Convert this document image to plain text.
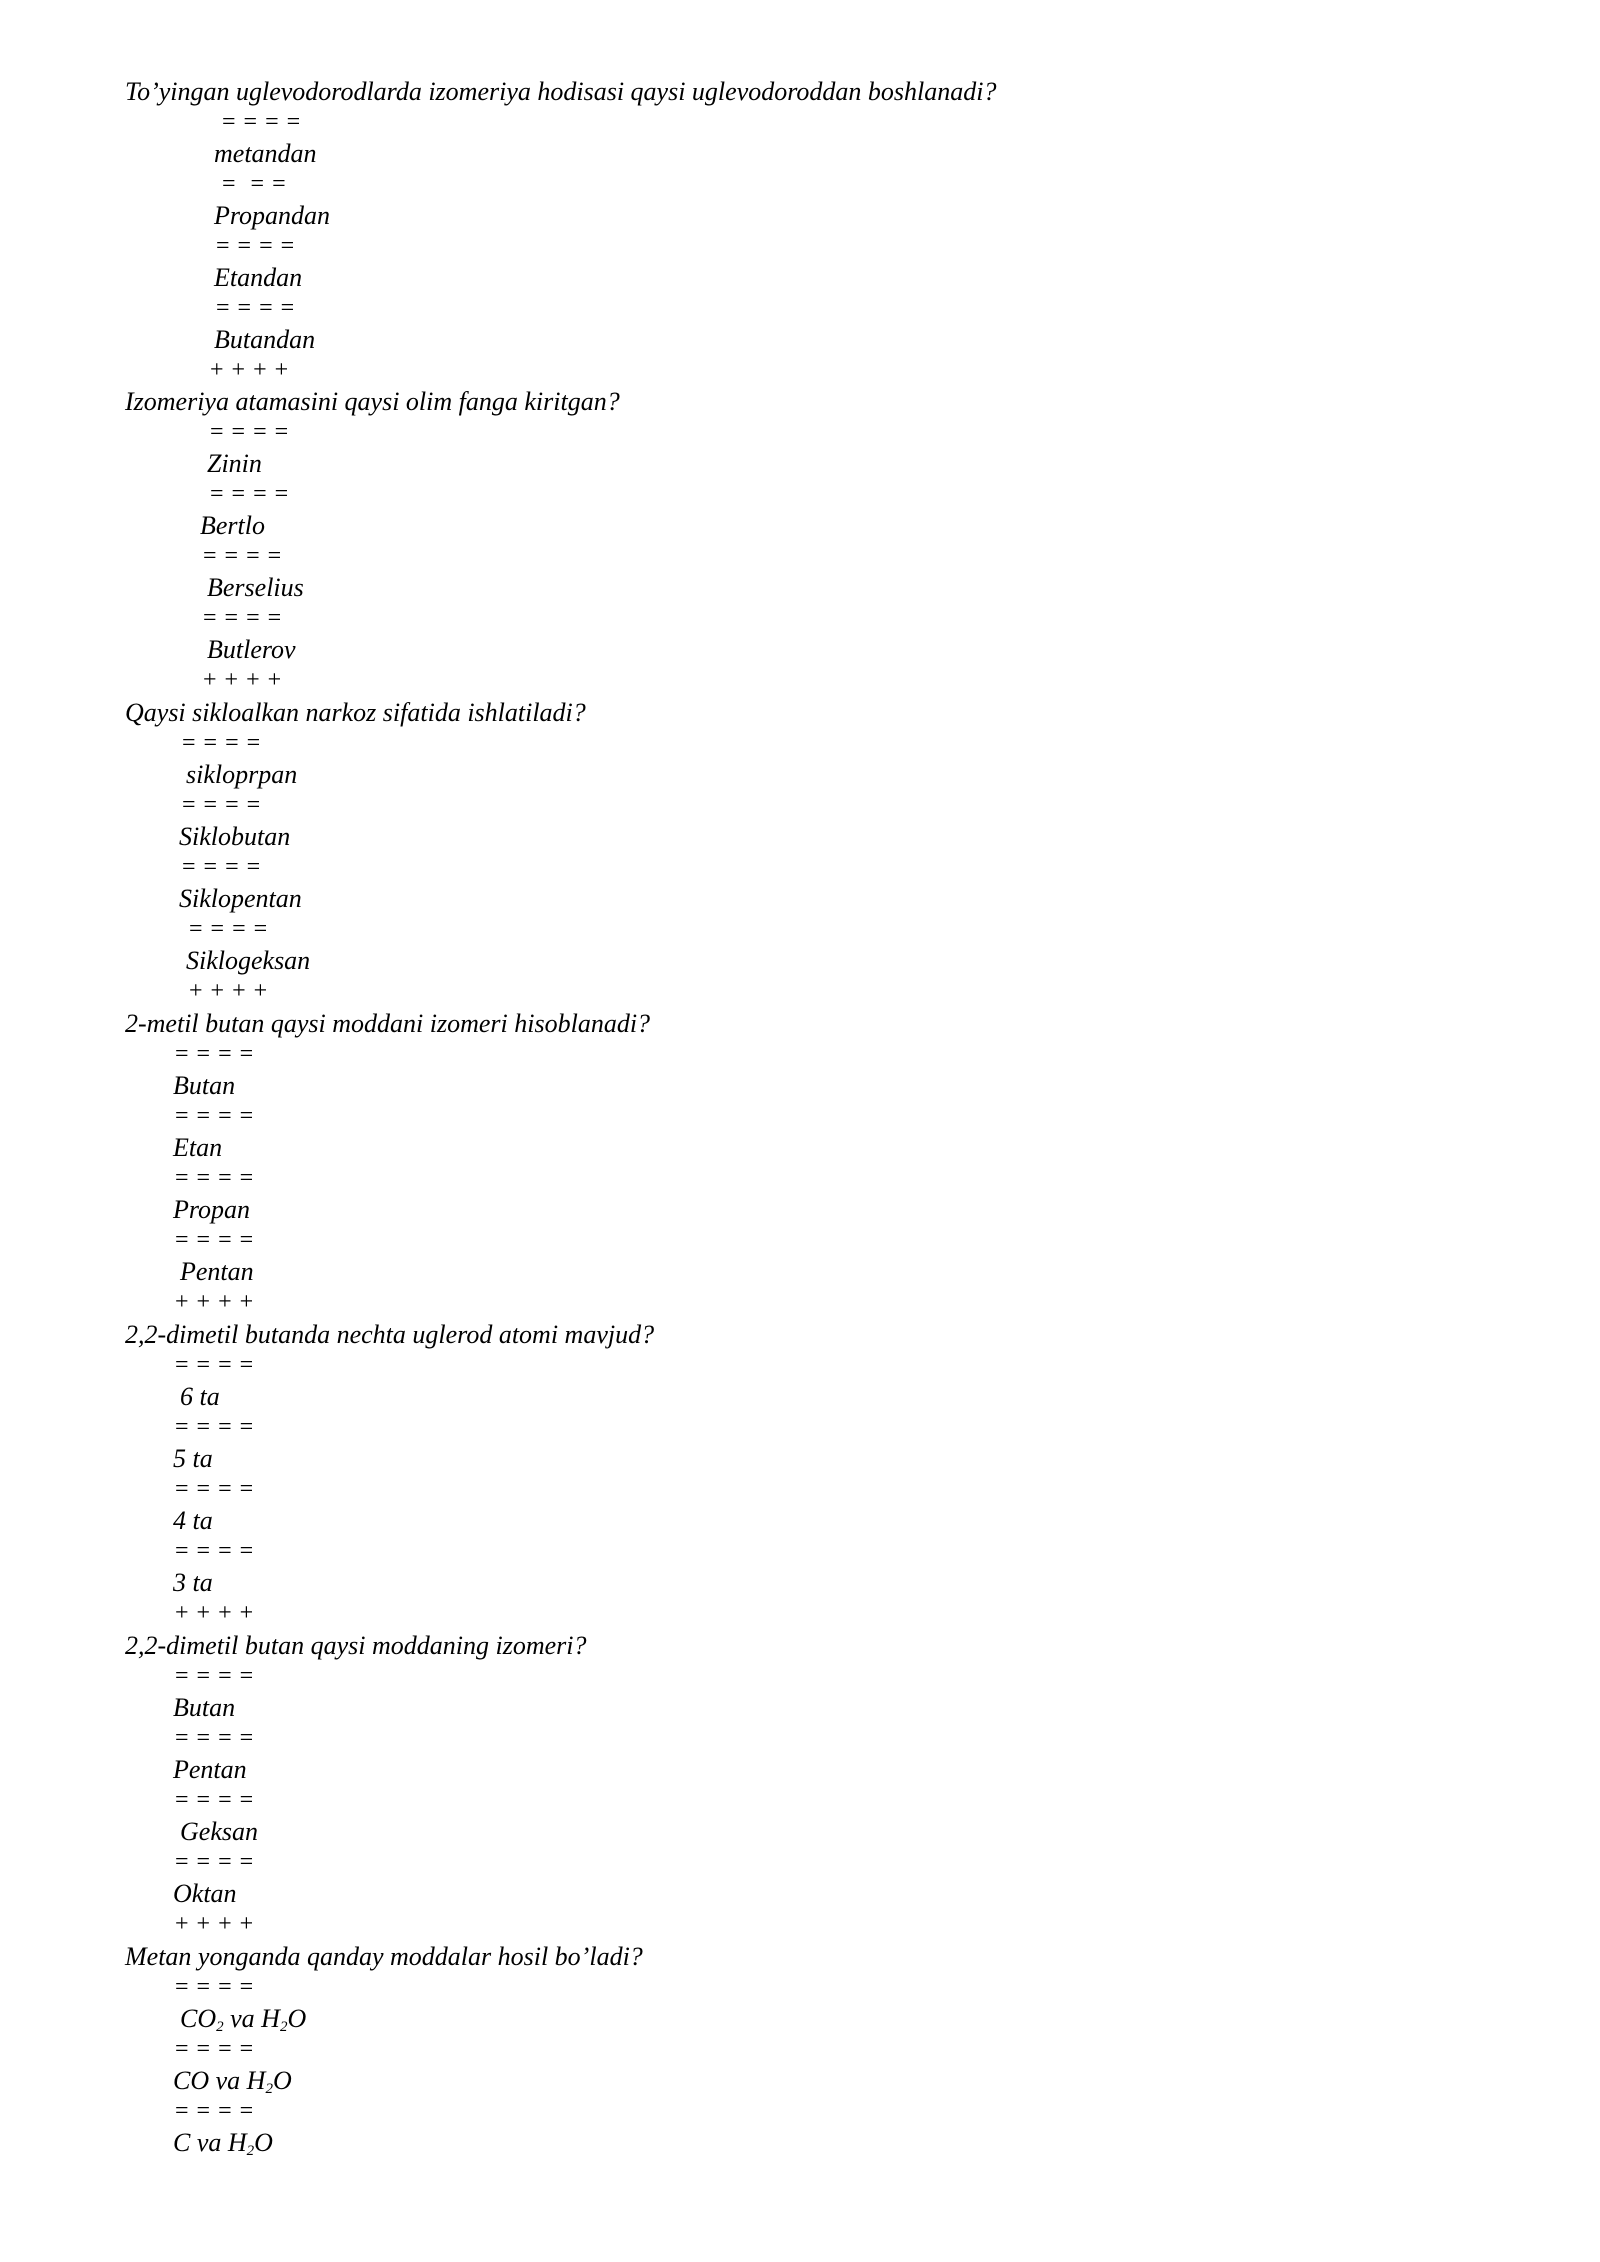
To’yingan uglevodorodlarda izomeriya hodisasi qaysi uglevodoroddan boshlanadi?
= = = =
metandan
=  = =
Propandan
= = = =
Etandan
= = = =
Butandan
+ + + +
Izomeriya atamasini qaysi olim fanga kiritgan?
= = = =
Zinin
= = = =
Bertlo
= = = =
Berselius
= = = =
Butlerov
+ + + +
Qaysi sikloalkan narkoz sifatida ishlatiladi?
= = = =
sikloprpan
= = = =
Siklobutan
= = = =
Siklopentan
= = = =
Siklogeksan
+ + + +
2-metil butan qaysi moddani izomeri hisoblanadi?
= = = =
Butan
= = = =
Etan
= = = =
Propan
= = = =
Pentan
+ + + +
2,2-dimetil butanda nechta uglerod atomi mavjud?
= = = =
6 ta
= = = =
5 ta
= = = =
4 ta
= = = =
3 ta
+ + + +
2,2-dimetil butan qaysi moddaning izomeri?
= = = =
Butan
= = = =
Pentan
= = = =
Geksan
= = = =
Oktan
+ + + +
Metan yonganda qanday moddalar hosil bo’ladi?
= = = =
$CO_2$ va $H_2O$
= = = =
CO va $H_2O$
= = = =
C va $H_2O$
